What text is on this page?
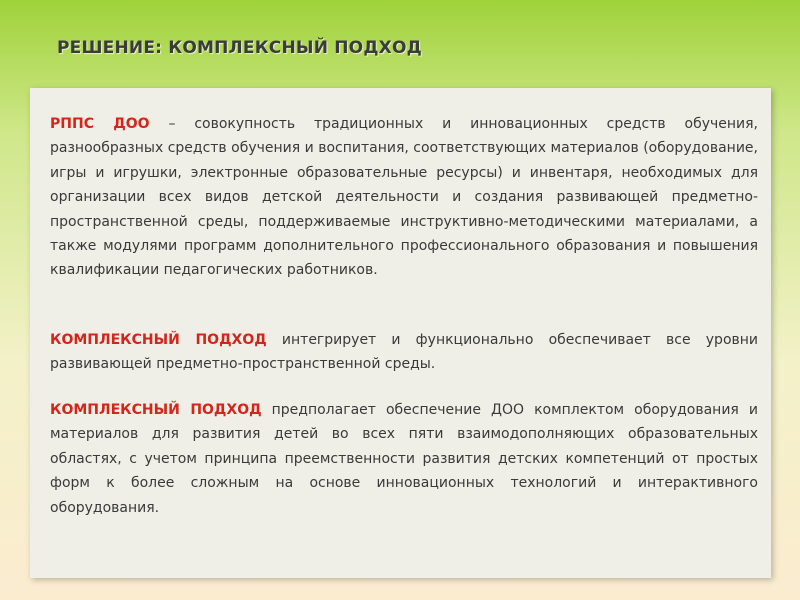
РЕШЕНИЕ: КОМПЛЕКСНЫЙ ПОДХОД
РППС ДОО – совокупность традиционных и инновационных средств обучения, разнообразных средств обучения и воспитания, соответствующих материалов (оборудование, игры и игрушки, электронные образовательные ресурсы) и инвентаря, необходимых для организации всех видов детской деятельности и создания развивающей предметно-пространственной среды, поддерживаемые инструктивно-методическими материалами, а также модулями программ дополнительного профессионального образования и повышения квалификации педагогических работников.
КОМПЛЕКСНЫЙ ПОДХОД интегрирует и функционально обеспечивает все уровни развивающей предметно-пространственной среды.
КОМПЛЕКСНЫЙ ПОДХОД предполагает обеспечение ДОО комплектом оборудования и материалов для развития детей во всех пяти взаимодополняющих образовательных областях, с учетом принципа преемственности развития детских компетенций от простых форм к более сложным на основе инновационных технологий и интерактивного оборудования.
